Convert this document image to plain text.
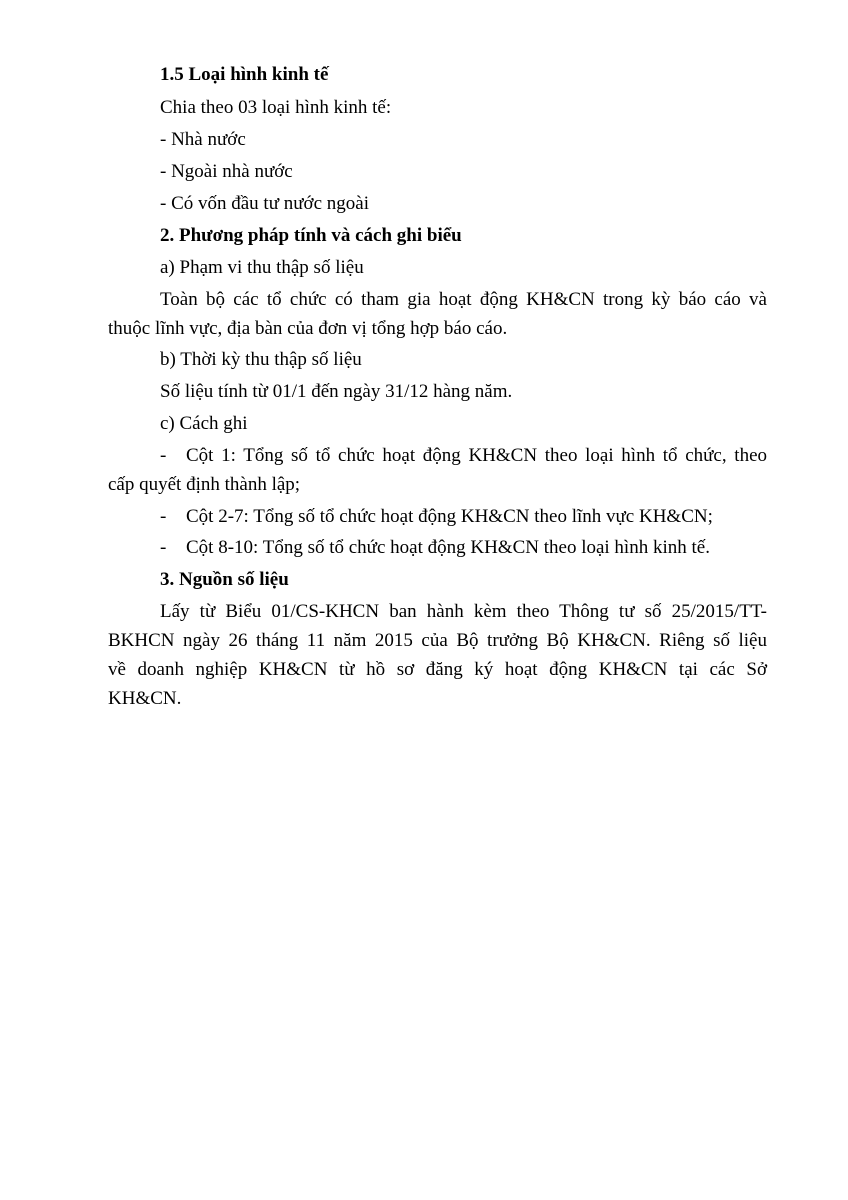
1.5 Loại hình kinh tế
Chia theo 03 loại hình kinh tế:
- Nhà nước
- Ngoài nhà nước
- Có vốn đầu tư nước ngoài
2. Phương pháp tính và cách ghi biểu
a) Phạm vi thu thập số liệu
Toàn bộ các tổ chức có tham gia hoạt động KH&CN trong kỳ báo cáo và
thuộc lĩnh vực, địa bàn của đơn vị tổng hợp báo cáo.
b) Thời kỳ thu thập số liệu
Số liệu tính từ 01/1 đến ngày 31/12 hàng năm.
c) Cách ghi
- Cột 1: Tổng số tổ chức hoạt động KH&CN theo loại hình tổ chức, theo
cấp quyết định thành lập;
- Cột 2-7: Tổng số tổ chức hoạt động KH&CN theo lĩnh vực KH&CN;
- Cột 8-10: Tổng số tổ chức hoạt động KH&CN theo loại hình kinh tế.
3. Nguồn số liệu
Lấy từ Biểu 01/CS-KHCN ban hành kèm theo Thông tư số 25/2015/TT-
BKHCN ngày 26 tháng 11 năm 2015 của Bộ trưởng Bộ KH&CN. Riêng số liệu
về doanh nghiệp KH&CN từ hồ sơ đăng ký hoạt động KH&CN tại các Sở
KH&CN.
